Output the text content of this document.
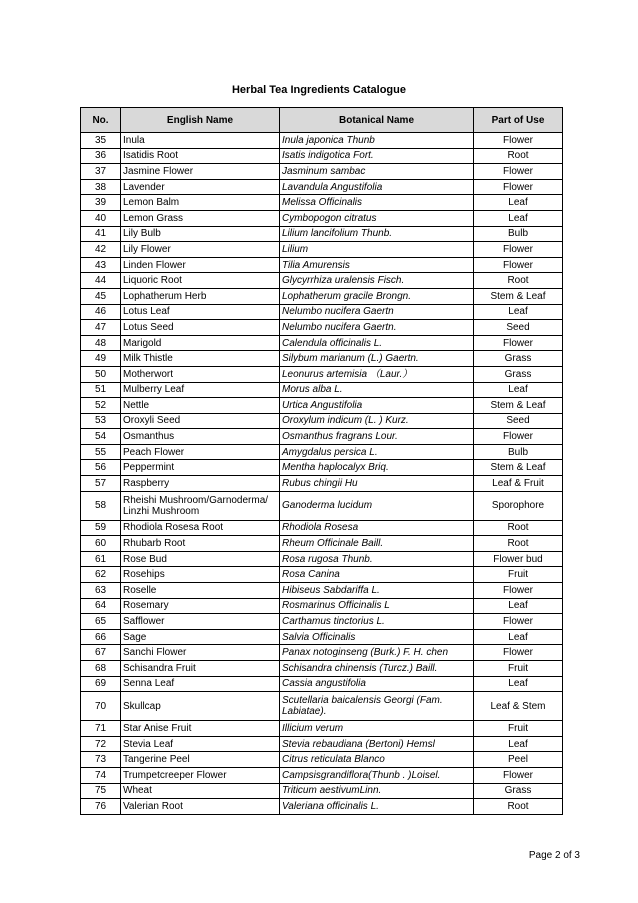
Herbal Tea Ingredients Catalogue
No.	English Name	Botanical Name	Part of Use
35	Inula	Inula japonica Thunb	Flower
36	Isatidis Root	Isatis indigotica Fort.	Root
37	Jasmine Flower	Jasminum sambac	Flower
38	Lavender	Lavandula Angustifolia	Flower
39	Lemon Balm	Melissa Officinalis	Leaf
40	Lemon Grass	Cymbopogon citratus	Leaf
41	Lily Bulb	Lilium lancifolium Thunb.	Bulb
42	Lily Flower	Lilium	Flower
43	Linden Flower	Tilia Amurensis	Flower
44	Liquoric Root	Glycyrrhiza uralensis Fisch.	Root
45	Lophatherum Herb	Lophatherum gracile Brongn.	Stem & Leaf
46	Lotus Leaf	Nelumbo nucifera Gaertn	Leaf
47	Lotus Seed	Nelumbo nucifera Gaertn.	Seed
48	Marigold	Calendula officinalis L.	Flower
49	Milk Thistle	Silybum marianum (L.) Gaertn.	Grass
50	Motherwort	Leonurus artemisia （Laur.）	Grass
51	Mulberry Leaf	Morus alba L.	Leaf
52	Nettle	Urtica Angustifolia	Stem & Leaf
53	Oroxyli Seed	Oroxylum indicum (L. ) Kurz.	Seed
54	Osmanthus	Osmanthus fragrans Lour.	Flower
55	Peach Flower	Amygdalus persica L.	Bulb
56	Peppermint	Mentha haplocalyx Briq.	Stem & Leaf
57	Raspberry	Rubus chingii Hu	Leaf & Fruit
58	Rheishi Mushroom/Garnoderma/ Linzhi Mushroom	Ganoderma lucidum	Sporophore
59	Rhodiola Rosesa Root	Rhodiola Rosesa	Root
60	Rhubarb Root	Rheum Officinale Baill.	Root
61	Rose Bud	Rosa rugosa Thunb.	Flower bud
62	Rosehips	Rosa Canina	Fruit
63	Roselle	Hibiseus Sabdariffa L.	Flower
64	Rosemary	Rosmarinus Officinalis L	Leaf
65	Safflower	Carthamus tinctorius L.	Flower
66	Sage	Salvia Officinalis	Leaf
67	Sanchi Flower	Panax notoginseng (Burk.) F. H. chen	Flower
68	Schisandra Fruit	Schisandra chinensis (Turcz.) Baill.	Fruit
69	Senna Leaf	Cassia angustifolia	Leaf
70	Skullcap	Scutellaria baicalensis Georgi (Fam. Labiatae).	Leaf & Stem
71	Star Anise Fruit	Illicium verum	Fruit
72	Stevia Leaf	Stevia rebaudiana (Bertoni) Hemsl	Leaf
73	Tangerine Peel	Citrus reticulata Blanco	Peel
74	Trumpetcreeper Flower	Campsisgrandiflora(Thunb . )Loisel.	Flower
75	Wheat	Triticum aestivumLinn.	Grass
76	Valerian Root	Valeriana officinalis L.	Root
Page 2 of 3
